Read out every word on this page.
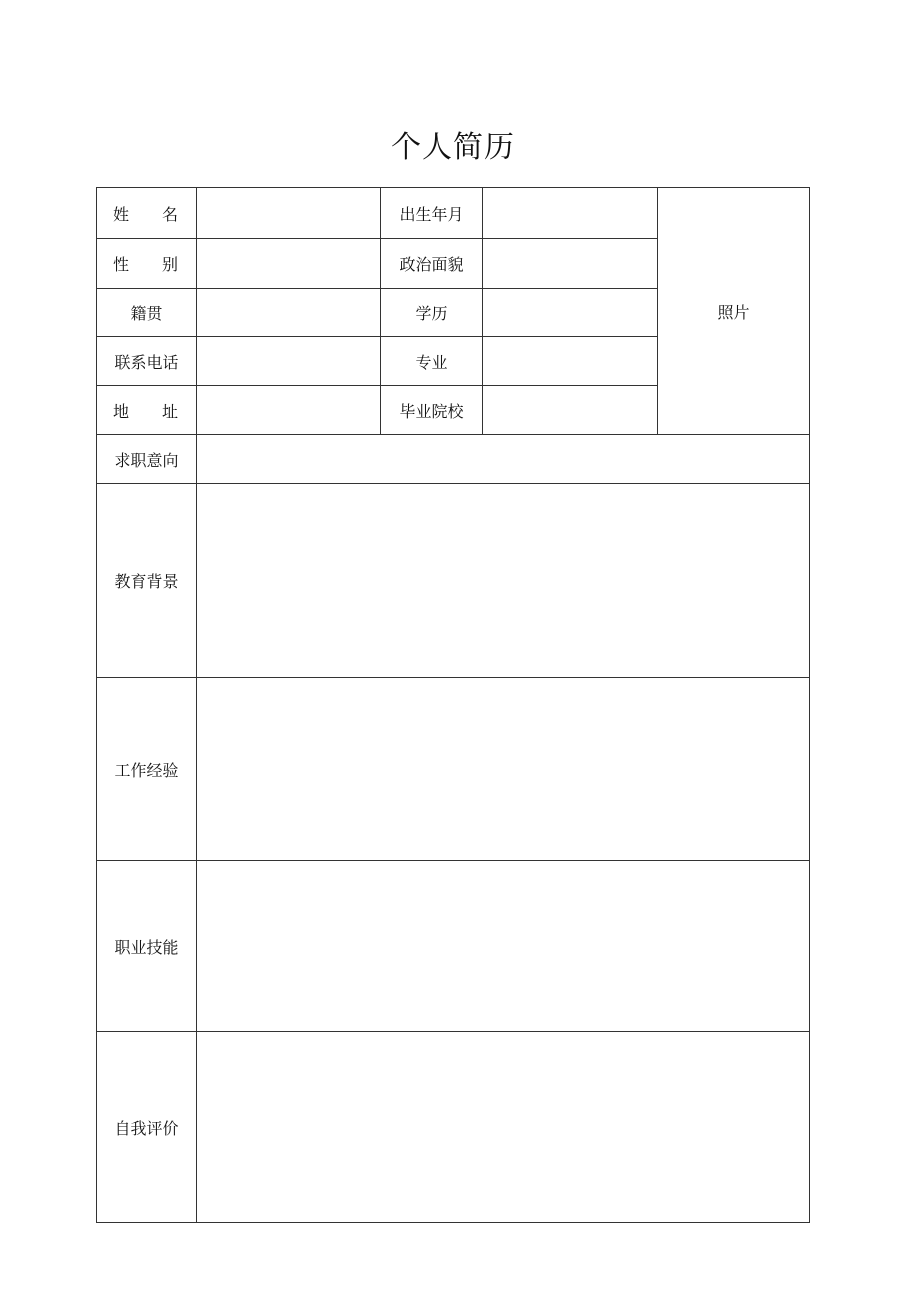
个人简历
姓 名		出生年月		照片

性 别		政治面貌		

籍贯		学历		

联系电话		专业		

地 址		毕业院校		

求职意向				

教育背景				

工作经验				

职业技能				

自我评价				
